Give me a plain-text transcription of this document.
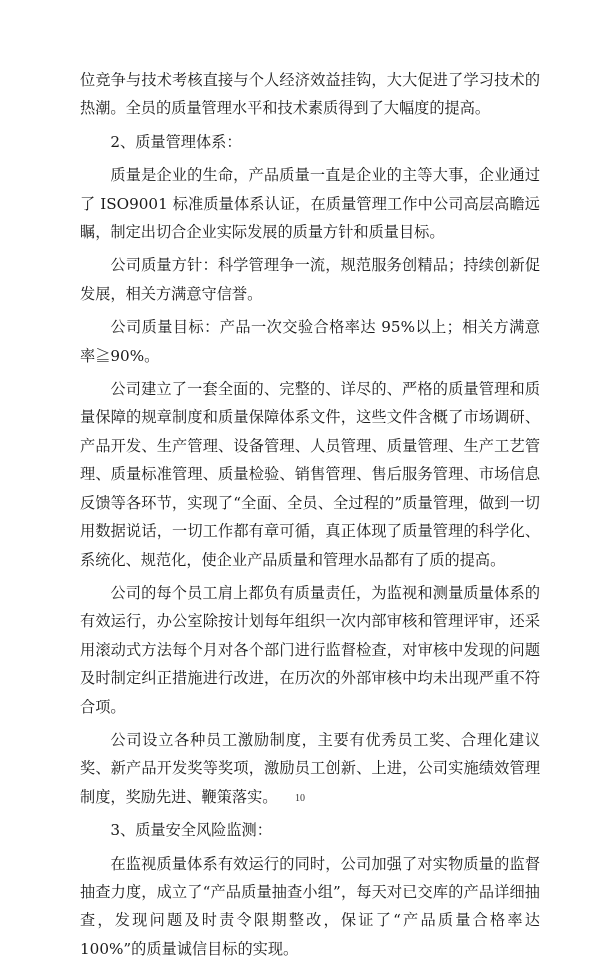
位竞争与技术考核直接与个人经济效益挂钩，大大促进了学习技术的热潮。全员的质量管理水平和技术素质得到了大幅度的提高。

2、质量管理体系：

质量是企业的生命，产品质量一直是企业的主等大事，企业通过了 ISO9001 标准质量体系认证，在质量管理工作中公司高层高瞻远瞩，制定出切合企业实际发展的质量方针和质量目标。

公司质量方针：科学管理争一流，规范服务创精品；持续创新促发展，相关方满意守信誉。

公司质量目标：产品一次交验合格率达 95%以上；相关方满意率≧90%。

公司建立了一套全面的、完整的、详尽的、严格的质量管理和质量保障的规章制度和质量保障体系文件，这些文件含概了市场调研、产品开发、生产管理、设备管理、人员管理、质量管理、生产工艺管理、质量标准管理、质量检验、销售管理、售后服务管理、市场信息反馈等各环节，实现了“全面、全员、全过程的”质量管理，做到一切用数据说话，一切工作都有章可循，真正体现了质量管理的科学化、系统化、规范化，使企业产品质量和管理水品都有了质的提高。

公司的每个员工肩上都负有质量责任，为监视和测量质量体系的有效运行，办公室除按计划每年组织一次内部审核和管理评审，还采用滚动式方法每个月对各个部门进行监督检查，对审核中发现的问题及时制定纠正措施进行改进，在历次的外部审核中均未出现严重不符合项。

公司设立各种员工激励制度，主要有优秀员工奖、合理化建议奖、新产品开发奖等奖项，激励员工创新、上进，公司实施绩效管理制度，奖励先进、鞭策落实。

3、质量安全风险监测：

在监视质量体系有效运行的同时，公司加强了对实物质量的监督抽查力度，成立了“产品质量抽查小组”，每天对已交库的产品详细抽查，发现问题及时责令限期整改，保证了“产品质量合格率达 100%”的质量诚信目标的实现。

10
